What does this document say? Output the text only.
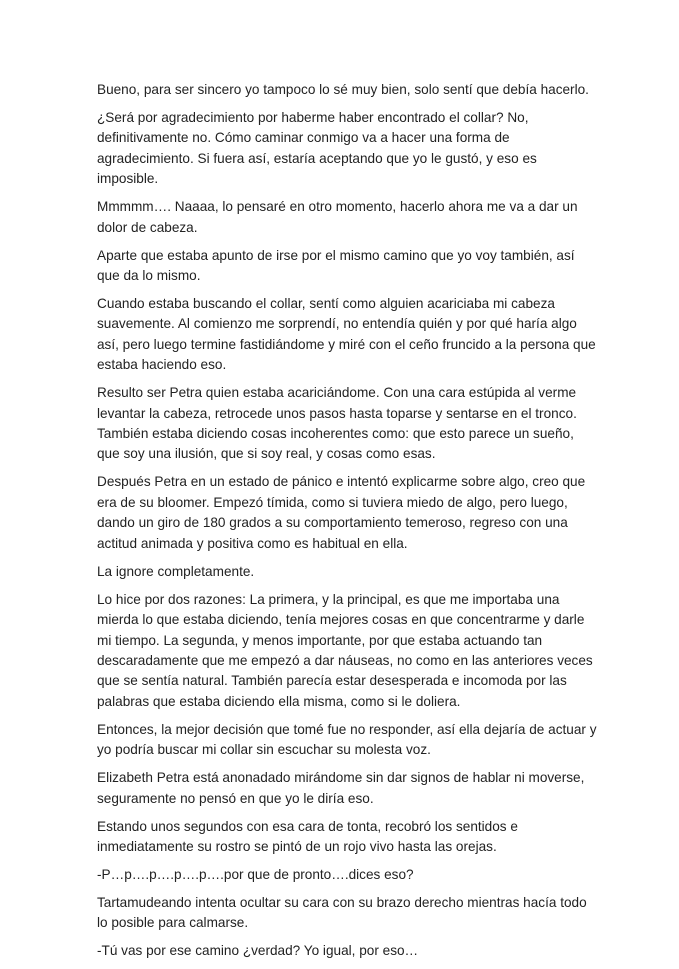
Bueno, para ser sincero yo tampoco lo sé muy bien, solo sentí que debía hacerlo.

¿Será por agradecimiento por haberme haber encontrado el collar? No, definitivamente no. Cómo caminar conmigo va a hacer una forma de agradecimiento. Si fuera así, estaría aceptando que yo le gustó, y eso es imposible.

Mmmmm…. Naaaa, lo pensaré en otro momento, hacerlo ahora me va a dar un dolor de cabeza.

Aparte que estaba apunto de irse por el mismo camino que yo voy también, así que da lo mismo.

Cuando estaba buscando el collar, sentí como alguien acariciaba mi cabeza suavemente. Al comienzo me sorprendí, no entendía quién y por qué haría algo así, pero luego termine fastidiándome y miré con el ceño fruncido a la persona que estaba haciendo eso.

Resulto ser Petra quien estaba acariciándome. Con una cara estúpida al verme levantar la cabeza, retrocede unos pasos hasta toparse y sentarse en el tronco. También estaba diciendo cosas incoherentes como: que esto parece un sueño, que soy una ilusión, que si soy real, y cosas como esas.

Después Petra en un estado de pánico e intentó explicarme sobre algo, creo que era de su bloomer. Empezó tímida, como si tuviera miedo de algo, pero luego, dando un giro de 180 grados a su comportamiento temeroso, regreso con una actitud animada y positiva como es habitual en ella.

La ignore completamente.

Lo hice por dos razones: La primera, y la principal, es que me importaba una mierda lo que estaba diciendo, tenía mejores cosas en que concentrarme y darle mi tiempo. La segunda, y menos importante, por que estaba actuando tan descaradamente que me empezó a dar náuseas, no como en las anteriores veces que se sentía natural. También parecía estar desesperada e incomoda por las palabras que estaba diciendo ella misma, como si le doliera.

Entonces, la mejor decisión que tomé fue no responder, así ella dejaría de actuar y yo podría buscar mi collar sin escuchar su molesta voz.

Elizabeth Petra está anonadado mirándome sin dar signos de hablar ni moverse, seguramente no pensó en que yo le diría eso.

Estando unos segundos con esa cara de tonta, recobró los sentidos e inmediatamente su rostro se pintó de un rojo vivo hasta las orejas.

-P…p….p….p….p….por que de pronto….dices eso?

Tartamudeando intenta ocultar su cara con su brazo derecho mientras hacía todo lo posible para calmarse.

-Tú vas por ese camino ¿verdad? Yo igual, por eso…
